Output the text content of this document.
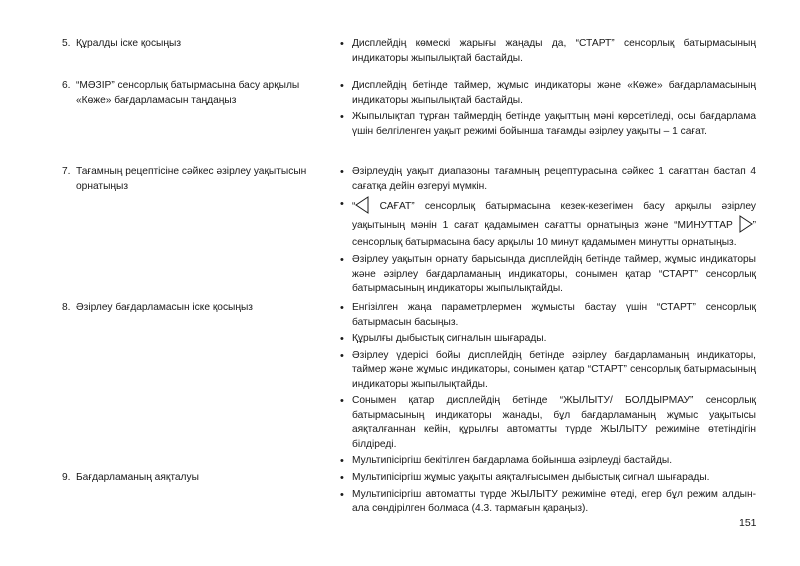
5. Құралды іске қосыңыз	• Дисплейдің көмескі жарығы жаңады да, “СТАРТ” сенсорлық батырмасының индикаторы жыпылықтай бастайды.
6. “МӘЗІР” сенсорлық батырмасына басу арқылы «Көже» бағдарламасын таңдаңыз
• Дисплейдің бетінде таймер, жұмыс индикаторы және «Көже» бағдарламасының индикаторы жыпылықтай бастайды.
• Жыпылықтап тұрған таймердің бетінде уақыттың мәні көрсетіледі, осы бағдарлама үшін белгіленген уақыт режимі бойынша тағамды әзірлеу уақыты – 1 сағат.
7. Тағамның рецептісіне сәйкес әзірлеу уақытысын орнатыңыз
• Әзірлеудің уақыт диапазоны тағамның рецептурасына сәйкес 1 сағаттан бастап 4 сағатқа дейін өзгеруі мүмкін.
• “
САҒАТ” сенсорлық батырмасына кезек-кезегімен басу арқылы әзірлеу уақытының мәнін 1 сағат қадамымен сағатты орнатыңыз және “МИНУТТАР
” сенсорлық батырмасына басу арқылы 10 минут қадамымен минутты орнатыңыз.
• Әзірлеу уақытын орнату барысында дисплейдің бетінде таймер, жұмыс индикаторы және әзірлеу бағдарламаның индикаторы, сонымен қатар “СТАРТ” сенсорлық батырмасының индикаторы жыпылықтайды.
8. Әзірлеу бағдарламасын іске қосыңыз	• Енгізілген жаңа параметрлермен жұмысты бастау үшін “СТАРТ” сенсорлық батырмасын басыңыз.
• Құрылғы дыбыстық сигналын шығарады.
• Әзірлеу үдерісі бойы дисплейдің бетінде әзірлеу бағдарламаның индикаторы, таймер және жұмыс индикаторы, сонымен қатар “СТАРТ” сенсорлық батырмасының индикаторы жыпылықтайды.
• Сонымен қатар дисплейдің бетінде “ЖЫЛЫТУ/ БОЛДЫРМАУ” сенсорлық батырмасының индикаторы жанады, бұл бағдарламаның жұмыс уақытысы аяқталғаннан кейін, құрылғы автоматты түрде ЖЫЛЫТУ режиміне өтетіндігін білдіреді.
• Мультипісіргіш бекітілген бағдарлама бойынша әзірлеуді бастайды.
9. Бағдарламаның аяқталуы	• Мультипісіргіш жұмыс уақыты аяқталғысымен дыбыстық сигнал шығарады.
• Мультипісіргіш автоматты түрде ЖЫЛЫТУ режиміне өтеді, егер бұл режим алдын-ала сөндірілген болмаса (4.3. тармағын қараңыз).
151
